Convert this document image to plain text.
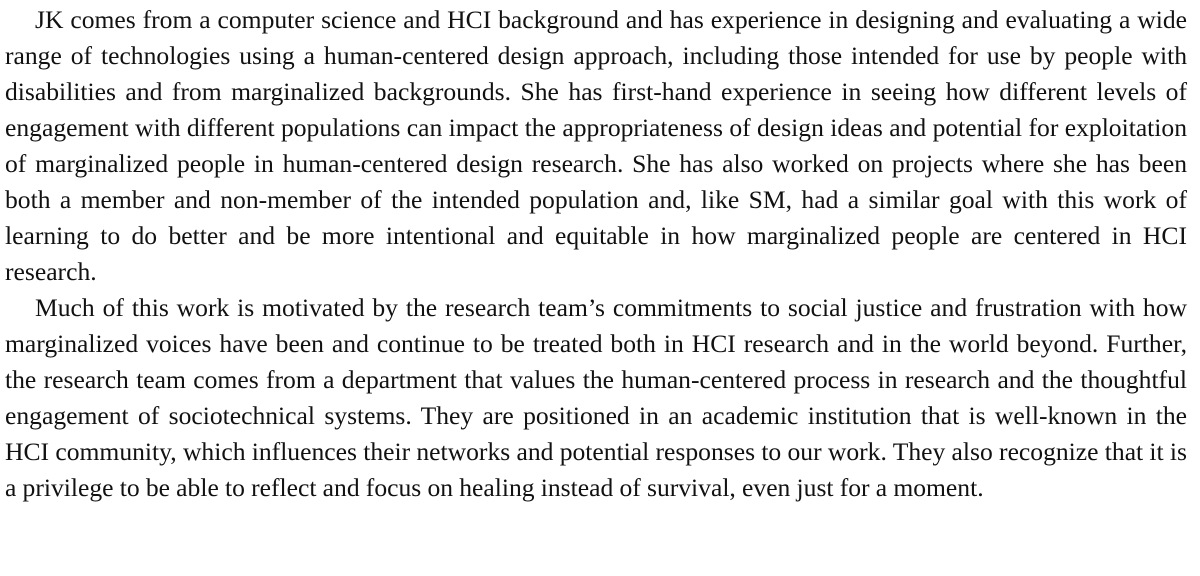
JK comes from a computer science and HCI background and has experience in designing and evaluating a wide range of technologies using a human-centered design approach, including those intended for use by people with disabilities and from marginalized backgrounds. She has first-hand experience in seeing how different levels of engagement with different populations can impact the appropriateness of design ideas and potential for exploitation of marginalized people in human-centered design research. She has also worked on projects where she has been both a member and non-member of the intended population and, like SM, had a similar goal with this work of learning to do better and be more intentional and equitable in how marginalized people are centered in HCI research.

Much of this work is motivated by the research team’s commitments to social justice and frustration with how marginalized voices have been and continue to be treated both in HCI research and in the world beyond. Further, the research team comes from a department that values the human-centered process in research and the thoughtful engagement of sociotechnical systems. They are positioned in an academic institution that is well-known in the HCI community, which influences their networks and potential responses to our work. They also recognize that it is a privilege to be able to reflect and focus on healing instead of survival, even just for a moment.
